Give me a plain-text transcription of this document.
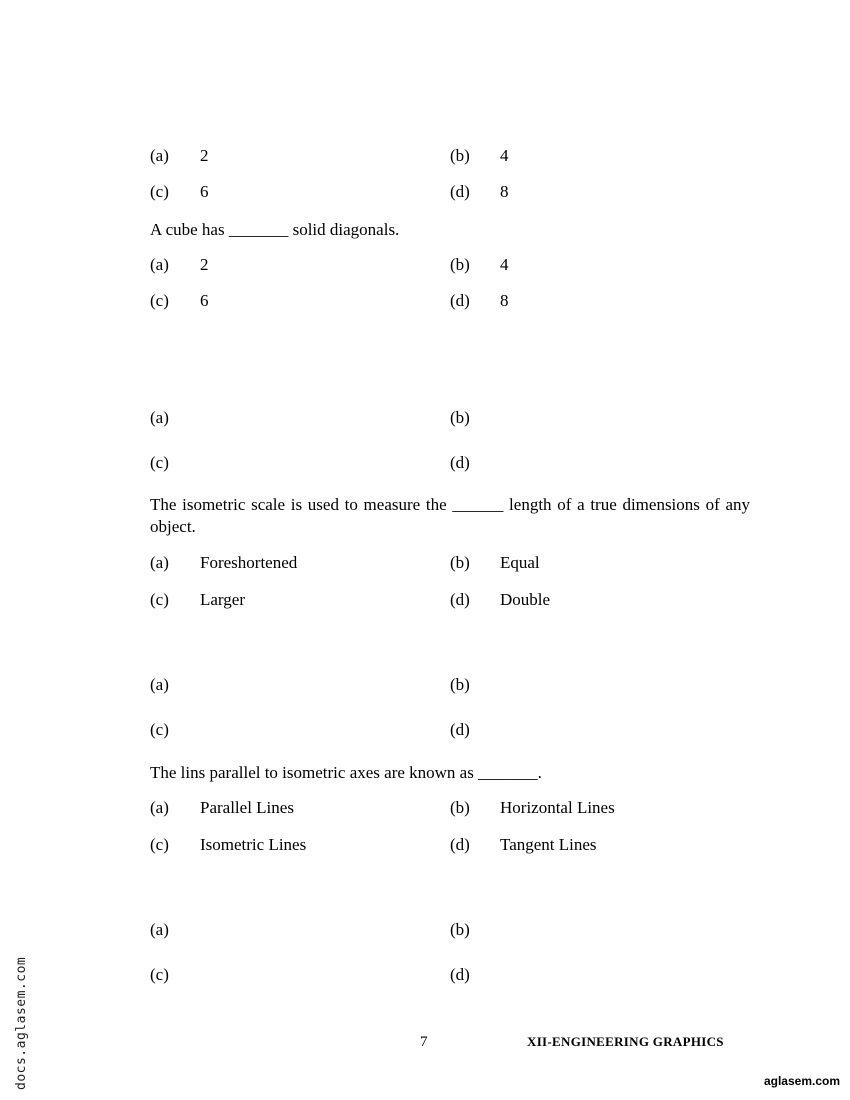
(a) 2	(b) 4
(c) 6	(d) 8
A cube has _______ solid diagonals.
(a) 2	(b) 4
(c) 6	(d) 8
(a)	(b)
(c)	(d)
The isometric scale is used to measure the ______ length of a true dimensions of any object.
(a) Foreshortened	(b) Equal
(c) Larger	(d) Double
(a)	(b)
(c)	(d)
The lins parallel to isometric axes are known as _______.
(a) Parallel Lines	(b) Horizontal Lines
(c) Isometric Lines	(d) Tangent Lines
(a)	(b)
(c)	(d)
7	XII-ENGINEERING GRAPHICS
docs.aglasem.com	aglasem.com
